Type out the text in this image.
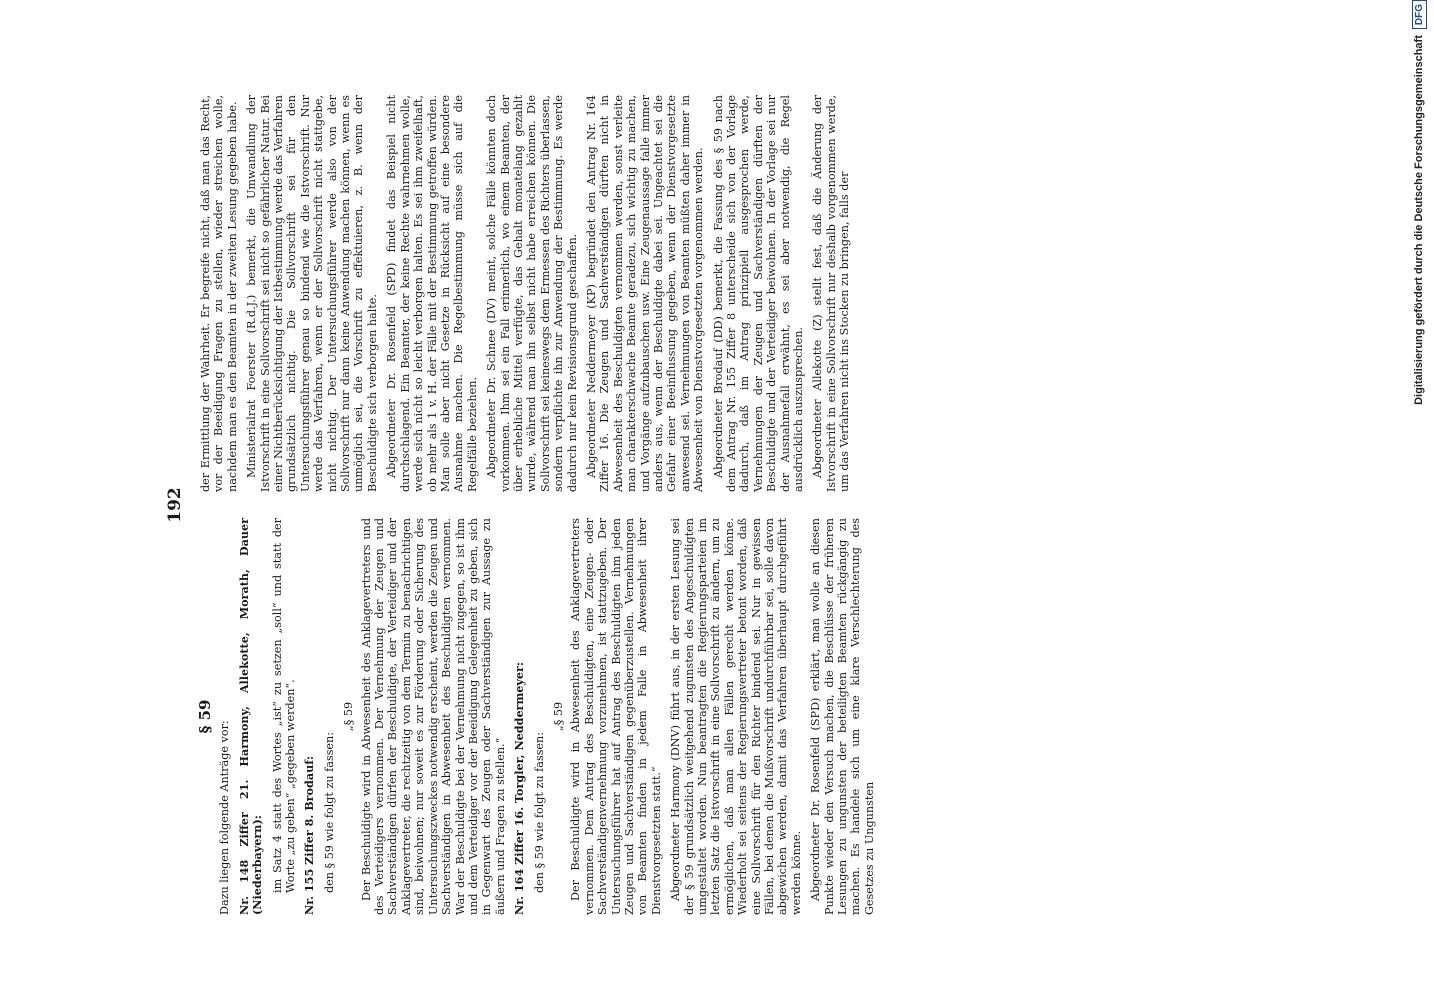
192
§ 59

Dazu liegen folgende Anträge vor: Nr. 148 Ziffer 21. Harmony, Allekotte, Morath, Dauer (Niederbayern): im Satz 4 statt des Wortes „ist“ zu setzen „soll“ und statt der Worte „zu geben“ „gegeben werden“. Nr. 155 Ziffer 8. Brodauf: den § 59 wie folgt zu fassen:

„§ 59 Der Beschuldigte wird in Abwesenheit des Anklagevertreters und des Verteidigers vernommen. Der Vernehmung der Zeugen und Sachverständigen dürfen der Beschuldigte, der Verteidiger und der Anklagevertreter, die rechtzeitig von dem Termin zu benachrichtigen sind, beiwohnen; nur soweit es zur Förderung oder Sicherung des Untersuchungszweckes notwendig erscheint, werden die Zeugen und Sachverständigen in Abwesenheit des Beschuldigten vernommen. War der Beschuldigte bei der Vernehmung nicht zugegen, so ist ihm und dem Verteidiger vor der Beeidigung Gelegenheit zu geben, sich in Gegenwart des Zeugen oder Sachverständigen zur Aussage zu äußern und Fragen zu stellen.“ Nr. 164 Ziffer 16. Torgler, Neddermeyer: den § 59 wie folgt zu fassen:

„§ 59 Der Beschuldigte wird in Abwesenheit des Anklagevertreters vernommen. Dem Antrag des Beschuldigten, eine Zeugen- oder Sachverständigenvernehmung vorzunehmen, ist stattzugeben. Der Untersuchungsführer hat auf Antrag des Beschuldigten ihm jeden Zeugen und Sachverständigen gegenüberzustellen. Vernehmungen von Beamten finden in jedem Falle in Abwesenheit ihrer Dienstvorgesetzten statt.“ Abgeordneter Harmony (DNV) führt aus, in der ersten Lesung sei der § 59 grundsätzlich weitgehend zugunsten des Angeschuldigten umgestaltet worden. Nun beantragten die Regierungsparteien im letzten Satz die Istvorschrift in eine Sollvorschrift zu ändern, um zu ermöglichen, daß man allen Fällen gerecht werden könne. Wiederholt sei seitens der Regierungsvertreter betont worden, daß eine Sollvorschrift für den Richter bindend sei. Nur in gewissen Fällen, bei denen die Mußvorschrift undurchführbar sei, solle davon abgewichen werden, damit das Verfahren überhaupt durchgeführt werden könne. Abgeordneter Dr. Rosenfeld (SPD) erklärt, man wolle an diesen Punkte wieder den Versuch machen, die Beschlüsse der früheren Lesungen zu ungunsten der beteiligten Beamten rückgängig zu machen. Es handele sich um eine klare Verschlechterung des Gesetzes zu Ungunsten

der Ermittlung der Wahrheit. Er begreife nicht, daß man das Recht, vor der Beeidigung Fragen zu stellen, wieder streichen wolle, nachdem man es den Beamten in der zweiten Lesung gegeben habe. Ministerialrat Foerster (R.d.J.) bemerkt, die Umwandlung der Istvorschrift in eine Sollvorschrift sei nicht so gefährlicher Natur. Bei einer Nichtberücksichtigung der Istbestimmung werde das Verfahren grundsätzlich nichtig. Die Sollvorschrift sei für den Untersuchungsführer genau so bindend wie die Istvorschrift. Nur werde das Verfahren, wenn er der Sollvorschrift nicht stattgebe, nicht nichtig. Der Untersuchungsführer werde also von der Sollvorschrift nur dann keine Anwendung machen können, wenn es unmöglich sei, die Vorschrift zu effektuieren, z. B. wenn der Beschuldigte sich verborgen halte. Abgeordneter Dr. Rosenfeld (SPD) findet das Beispiel nicht durchschlagend. Ein Beamter, der keine Rechte wahrnehmen wolle, werde sich nicht so leicht verborgen halten. Es sei ihm zweifelhaft, ob mehr als 1 v. H. der Fälle mit der Bestimmung getroffen würden. Man solle aber nicht Gesetze in Rücksicht auf eine besondere Ausnahme machen. Die Regelbestimmung müsse sich auf die Regelfälle beziehen. Abgeordneter Dr. Schnee (DV) meint, solche Fälle könnten doch vorkommen. Ihm sei ein Fall erinnerlich, wo einem Beamten, der über erhebliche Mittel verfügte, das Gehalt monatelang gezahlt wurde, während man ihn selbst nicht habe erreichen können. Die Sollvorschrift sei keineswegs dem Ermessen des Richters überlassen, sondern verpflichte ihn zur Anwendung der Bestimmung. Es werde dadurch nur kein Revisionsgrund geschaffen. Abgeordneter Neddermeyer (KP) begründet den Antrag Nr. 164 Ziffer 16. Die Zeugen und Sachverständigen dürften nicht in Abwesenheit des Beschuldigten vernommen werden, sonst verleite man charakterschwache Beamte geradezu, sich wichtig zu machen, und Vorgänge aufzubauschen usw. Eine Zeugenaussage falle immer anders aus, wenn der Beschuldigte dabei sei. Ungeachtet sei die Gefahr einer Beeinflussung gegeben, wenn der Dienstvorgesetzte anwesend sei. Vernehmungen von Beamten müßten daher immer in Abwesenheit von Dienstvorgesetzten vorgenommen werden. Abgeordneter Brodauf (DD) bemerkt, die Fassung des § 59 nach dem Antrag Nr. 155 Ziffer 8 unterscheide sich von der Vorlage dadurch, daß im Antrag prinzipiell ausgesprochen werde, Vernehmungen der Zeugen und Sachverständigen dürften der Beschuldigte und der Verteidiger beiwohnen. In der Vorlage sei nur der Ausnahmefall erwähnt, es sei aber notwendig, die Regel ausdrücklich auszusprechen. Abgeordneter Allekotte (Z) stellt fest, daß die Änderung der Istvorschrift in eine Sollvorschrift nur deshalb vorgenommen werde, um das Verfahren nicht ins Stocken zu bringen, falls der	Digitalisierung gefördert durch die Deutsche Forschungsgemeinschaft
DFG
